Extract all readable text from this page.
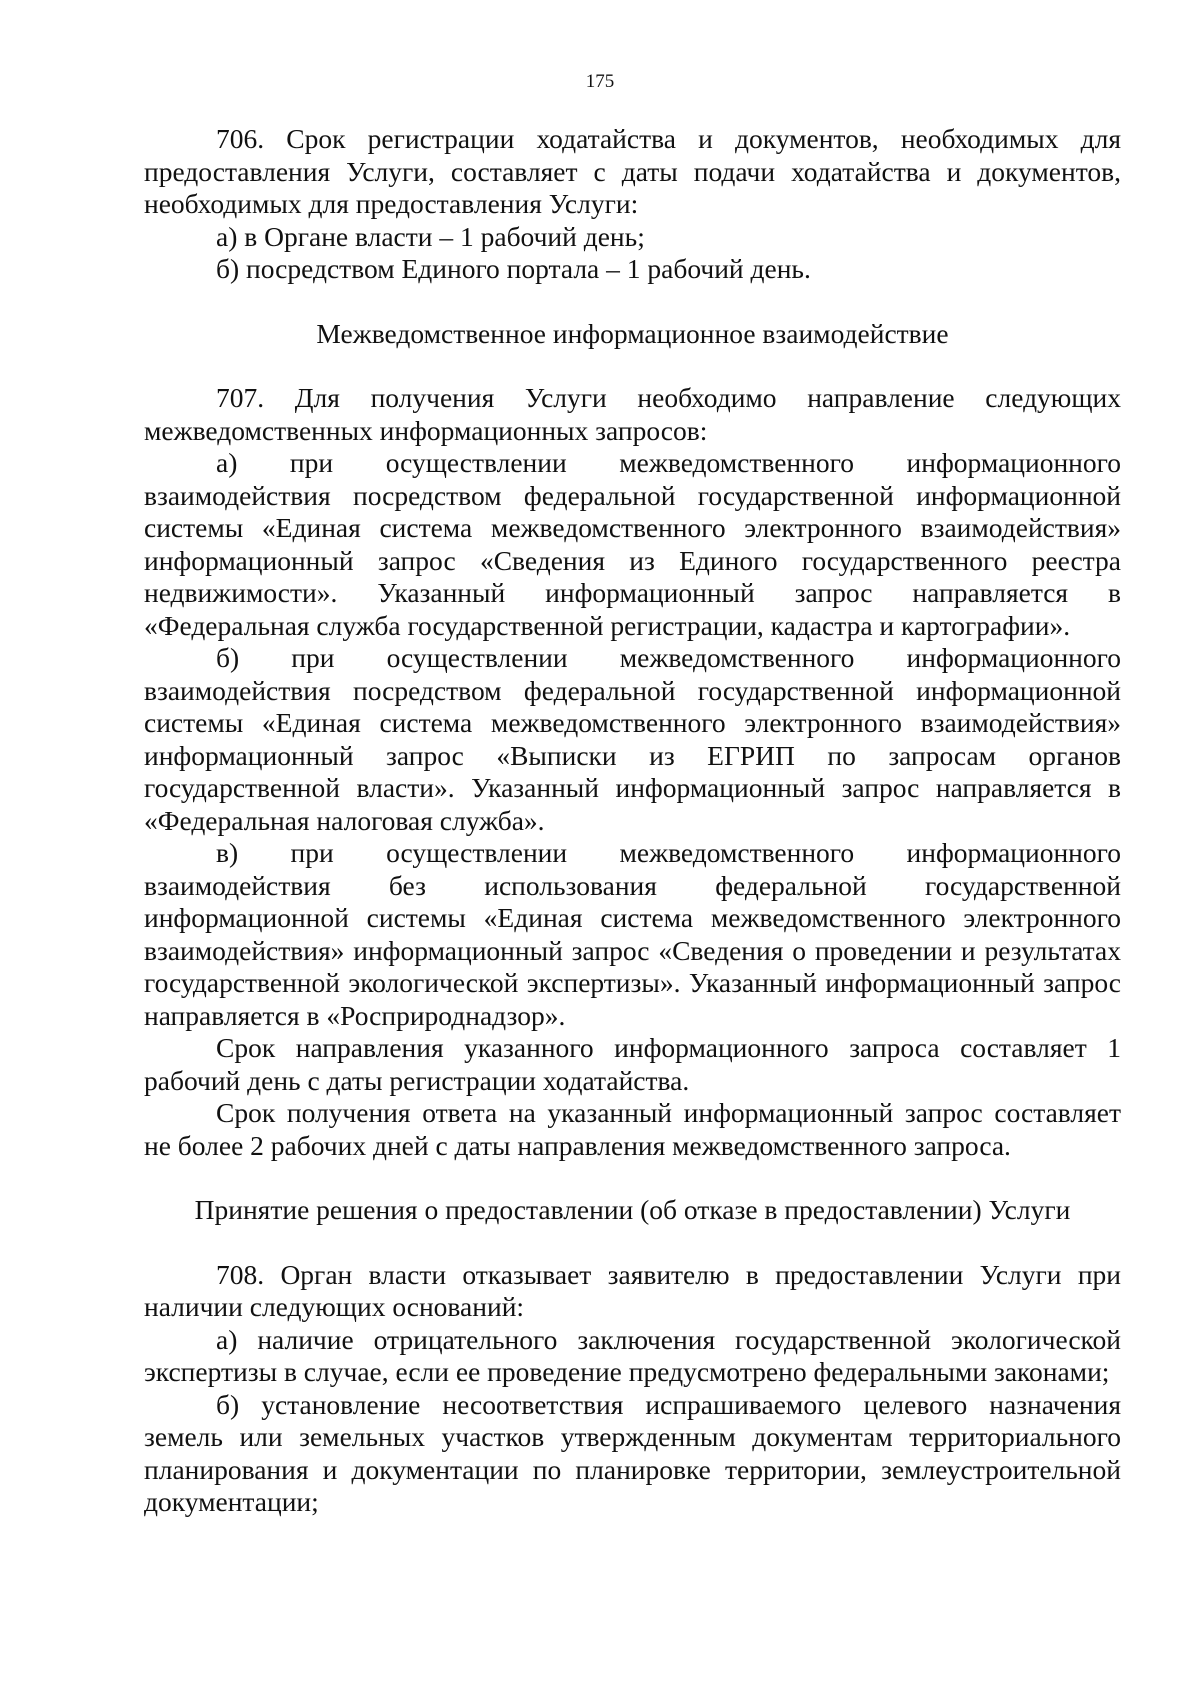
175

706. Срок регистрации ходатайства и документов, необходимых для предоставления Услуги, составляет с даты подачи ходатайства и документов, необходимых для предоставления Услуги:

а) в Органе власти – 1 рабочий день;

б) посредством Единого портала – 1 рабочий день.

Межведомственное информационное взаимодействие

707. Для получения Услуги необходимо направление следующих межведомственных информационных запросов:

а) при осуществлении межведомственного информационного взаимодействия посредством федеральной государственной информационной системы «Единая система межведомственного электронного взаимодействия» информационный запрос «Сведения из Единого государственного реестра недвижимости». Указанный информационный запрос направляется в «Федеральная служба государственной регистрации, кадастра и картографии».

б) при осуществлении межведомственного информационного взаимодействия посредством федеральной государственной информационной системы «Единая система межведомственного электронного взаимодействия» информационный запрос «Выписки из ЕГРИП по запросам органов государственной власти». Указанный информационный запрос направляется в «Федеральная налоговая служба».

в) при осуществлении межведомственного информационного взаимодействия без использования федеральной государственной информационной системы «Единая система межведомственного электронного взаимодействия» информационный запрос «Сведения о проведении и результатах государственной экологической экспертизы». Указанный информационный запрос направляется в «Росприроднадзор».

Срок направления указанного информационного запроса составляет 1 рабочий день с даты регистрации ходатайства.

Срок получения ответа на указанный информационный запрос составляет не более 2 рабочих дней с даты направления межведомственного запроса.

Принятие решения о предоставлении (об отказе в предоставлении) Услуги

708. Орган власти отказывает заявителю в предоставлении Услуги при наличии следующих оснований:

а) наличие отрицательного заключения государственной экологической экспертизы в случае, если ее проведение предусмотрено федеральными законами;

б) установление несоответствия испрашиваемого целевого назначения земель или земельных участков утвержденным документам территориального планирования и документации по планировке территории, землеустроительной документации;
